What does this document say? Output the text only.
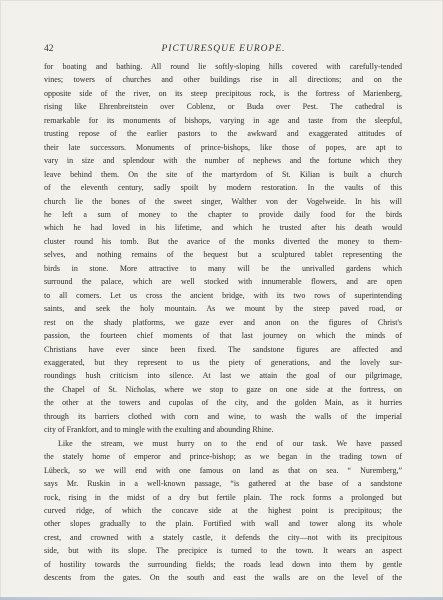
42	PICTURESQUE EUROPE.

for boating and bathing. All round lie softly-sloping hills covered with carefully-tended

vines; towers of churches and other buildings rise in all directions; and on the

opposite side of the river, on its steep precipitous rock, is the fortress of Marienberg,

rising like Ehrenbreitstein over Coblenz, or Buda over Pest. The cathedral is

remarkable for its monuments of bishops, varying in age and taste from the sleepful,

trusting repose of the earlier pastors to the awkward and exaggerated attitudes of

their late successors. Monuments of prince-bishops, like those of popes, are apt to

vary in size and splendour with the number of nephews and the fortune which they

leave behind them. On the site of the martyrdom of St. Kilian is built a church

of the eleventh century, sadly spoilt by modern restoration. In the vaults of this

church lie the bones of the sweet singer, Walther von der Vogelweide. In his will

he left a sum of money to the chapter to provide daily food for the birds

which he had loved in his lifetime, and which he trusted after his death would

cluster round his tomb. But the avarice of the monks diverted the money to them-

selves, and nothing remains of the bequest but a sculptured tablet representing the

birds in stone. More attractive to many will be the unrivalled gardens which

surround the palace, which are well stocked with innumerable flowers, and are open

to all comers. Let us cross the ancient bridge, with its two rows of superintending

saints, and seek the holy mountain. As we mount by the steep paved road, or

rest on the shady platforms, we gaze ever and anon on the figures of Christ's

passion, the fourteen chief moments of that last journey on which the minds of

Christians have ever since been fixed. The sandstone figures are affected and

exaggerated, but they represent to us the piety of generations, and the lovely sur-

roundings hush criticism into silence. At last we attain the goal of our pilgrimage,

the Chapel of St. Nicholas, where we stop to gaze on one side at the fortress, on

the other at the towers and cupolas of the city, and the golden Main, as it hurries

through its barriers clothed with corn and wine, to wash the walls of the imperial

city of Frankfort, and to mingle with the exulting and abounding Rhine.

Like the stream, we must hurry on to the end of our task. We have passed

the stately home of emperor and prince-bishop; as we began in the trading town of

Lübeck, so we will end with one famous on land as that on sea. “ Nuremberg,”

says Mr. Ruskin in a well-known passage, “is gathered at the base of a sandstone

rock, rising in the midst of a dry but fertile plain. The rock forms a prolonged but

curved ridge, of which the concave side at the highest point is precipitous; the

other slopes gradually to the plain. Fortified with wall and tower along its whole

crest, and crowned with a stately castle, it defends the city—not with its precipitous

side, but with its slope. The precipice is turned to the town. It wears an aspect

of hostility towards the surrounding fields; the roads lead down into them by gentle

descents from the gates. On the south and east the walls are on the level of the
